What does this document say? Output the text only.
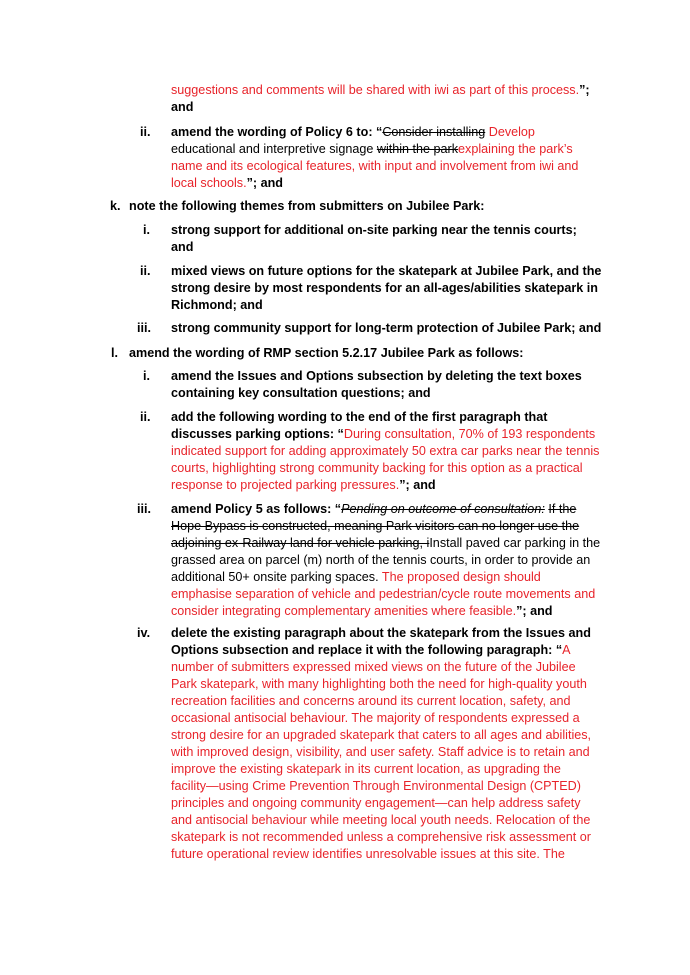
suggestions and comments will be shared with iwi as part of this process.”;
and
ii. amend the wording of Policy 6 to: “Consider installing Develop
educational and interpretive signage within the parkexplaining the park’s
name and its ecological features, with input and involvement from iwi and
local schools.”; and
k. note the following themes from submitters on Jubilee Park:
i. strong support for additional on-site parking near the tennis courts;
and
ii. mixed views on future options for the skatepark at Jubilee Park, and the
strong desire by most respondents for an all-ages/abilities skatepark in
Richmond; and
iii. strong community support for long-term protection of Jubilee Park; and
l. amend the wording of RMP section 5.2.17 Jubilee Park as follows:
i. amend the Issues and Options subsection by deleting the text boxes
containing key consultation questions; and
ii. add the following wording to the end of the first paragraph that
discusses parking options: “During consultation, 70% of 193 respondents
indicated support for adding approximately 50 extra car parks near the tennis
courts, highlighting strong community backing for this option as a practical
response to projected parking pressures.”; and
iii. amend Policy 5 as follows: “Pending on outcome of consultation: If the
Hope Bypass is constructed, meaning Park visitors can no longer use the
adjoining ex-Railway land for vehicle parking, iInstall paved car parking in the
grassed area on parcel (m) north of the tennis courts, in order to provide an
additional 50+ onsite parking spaces. The proposed design should
emphasise separation of vehicle and pedestrian/cycle route movements and
consider integrating complementary amenities where feasible.”; and
iv. delete the existing paragraph about the skatepark from the Issues and
Options subsection and replace it with the following paragraph: “A
number of submitters expressed mixed views on the future of the Jubilee
Park skatepark, with many highlighting both the need for high-quality youth
recreation facilities and concerns around its current location, safety, and
occasional antisocial behaviour. The majority of respondents expressed a
strong desire for an upgraded skatepark that caters to all ages and abilities,
with improved design, visibility, and user safety. Staff advice is to retain and
improve the existing skatepark in its current location, as upgrading the
facility—using Crime Prevention Through Environmental Design (CPTED)
principles and ongoing community engagement—can help address safety
and antisocial behaviour while meeting local youth needs. Relocation of the
skatepark is not recommended unless a comprehensive risk assessment or
future operational review identifies unresolvable issues at this site. The
